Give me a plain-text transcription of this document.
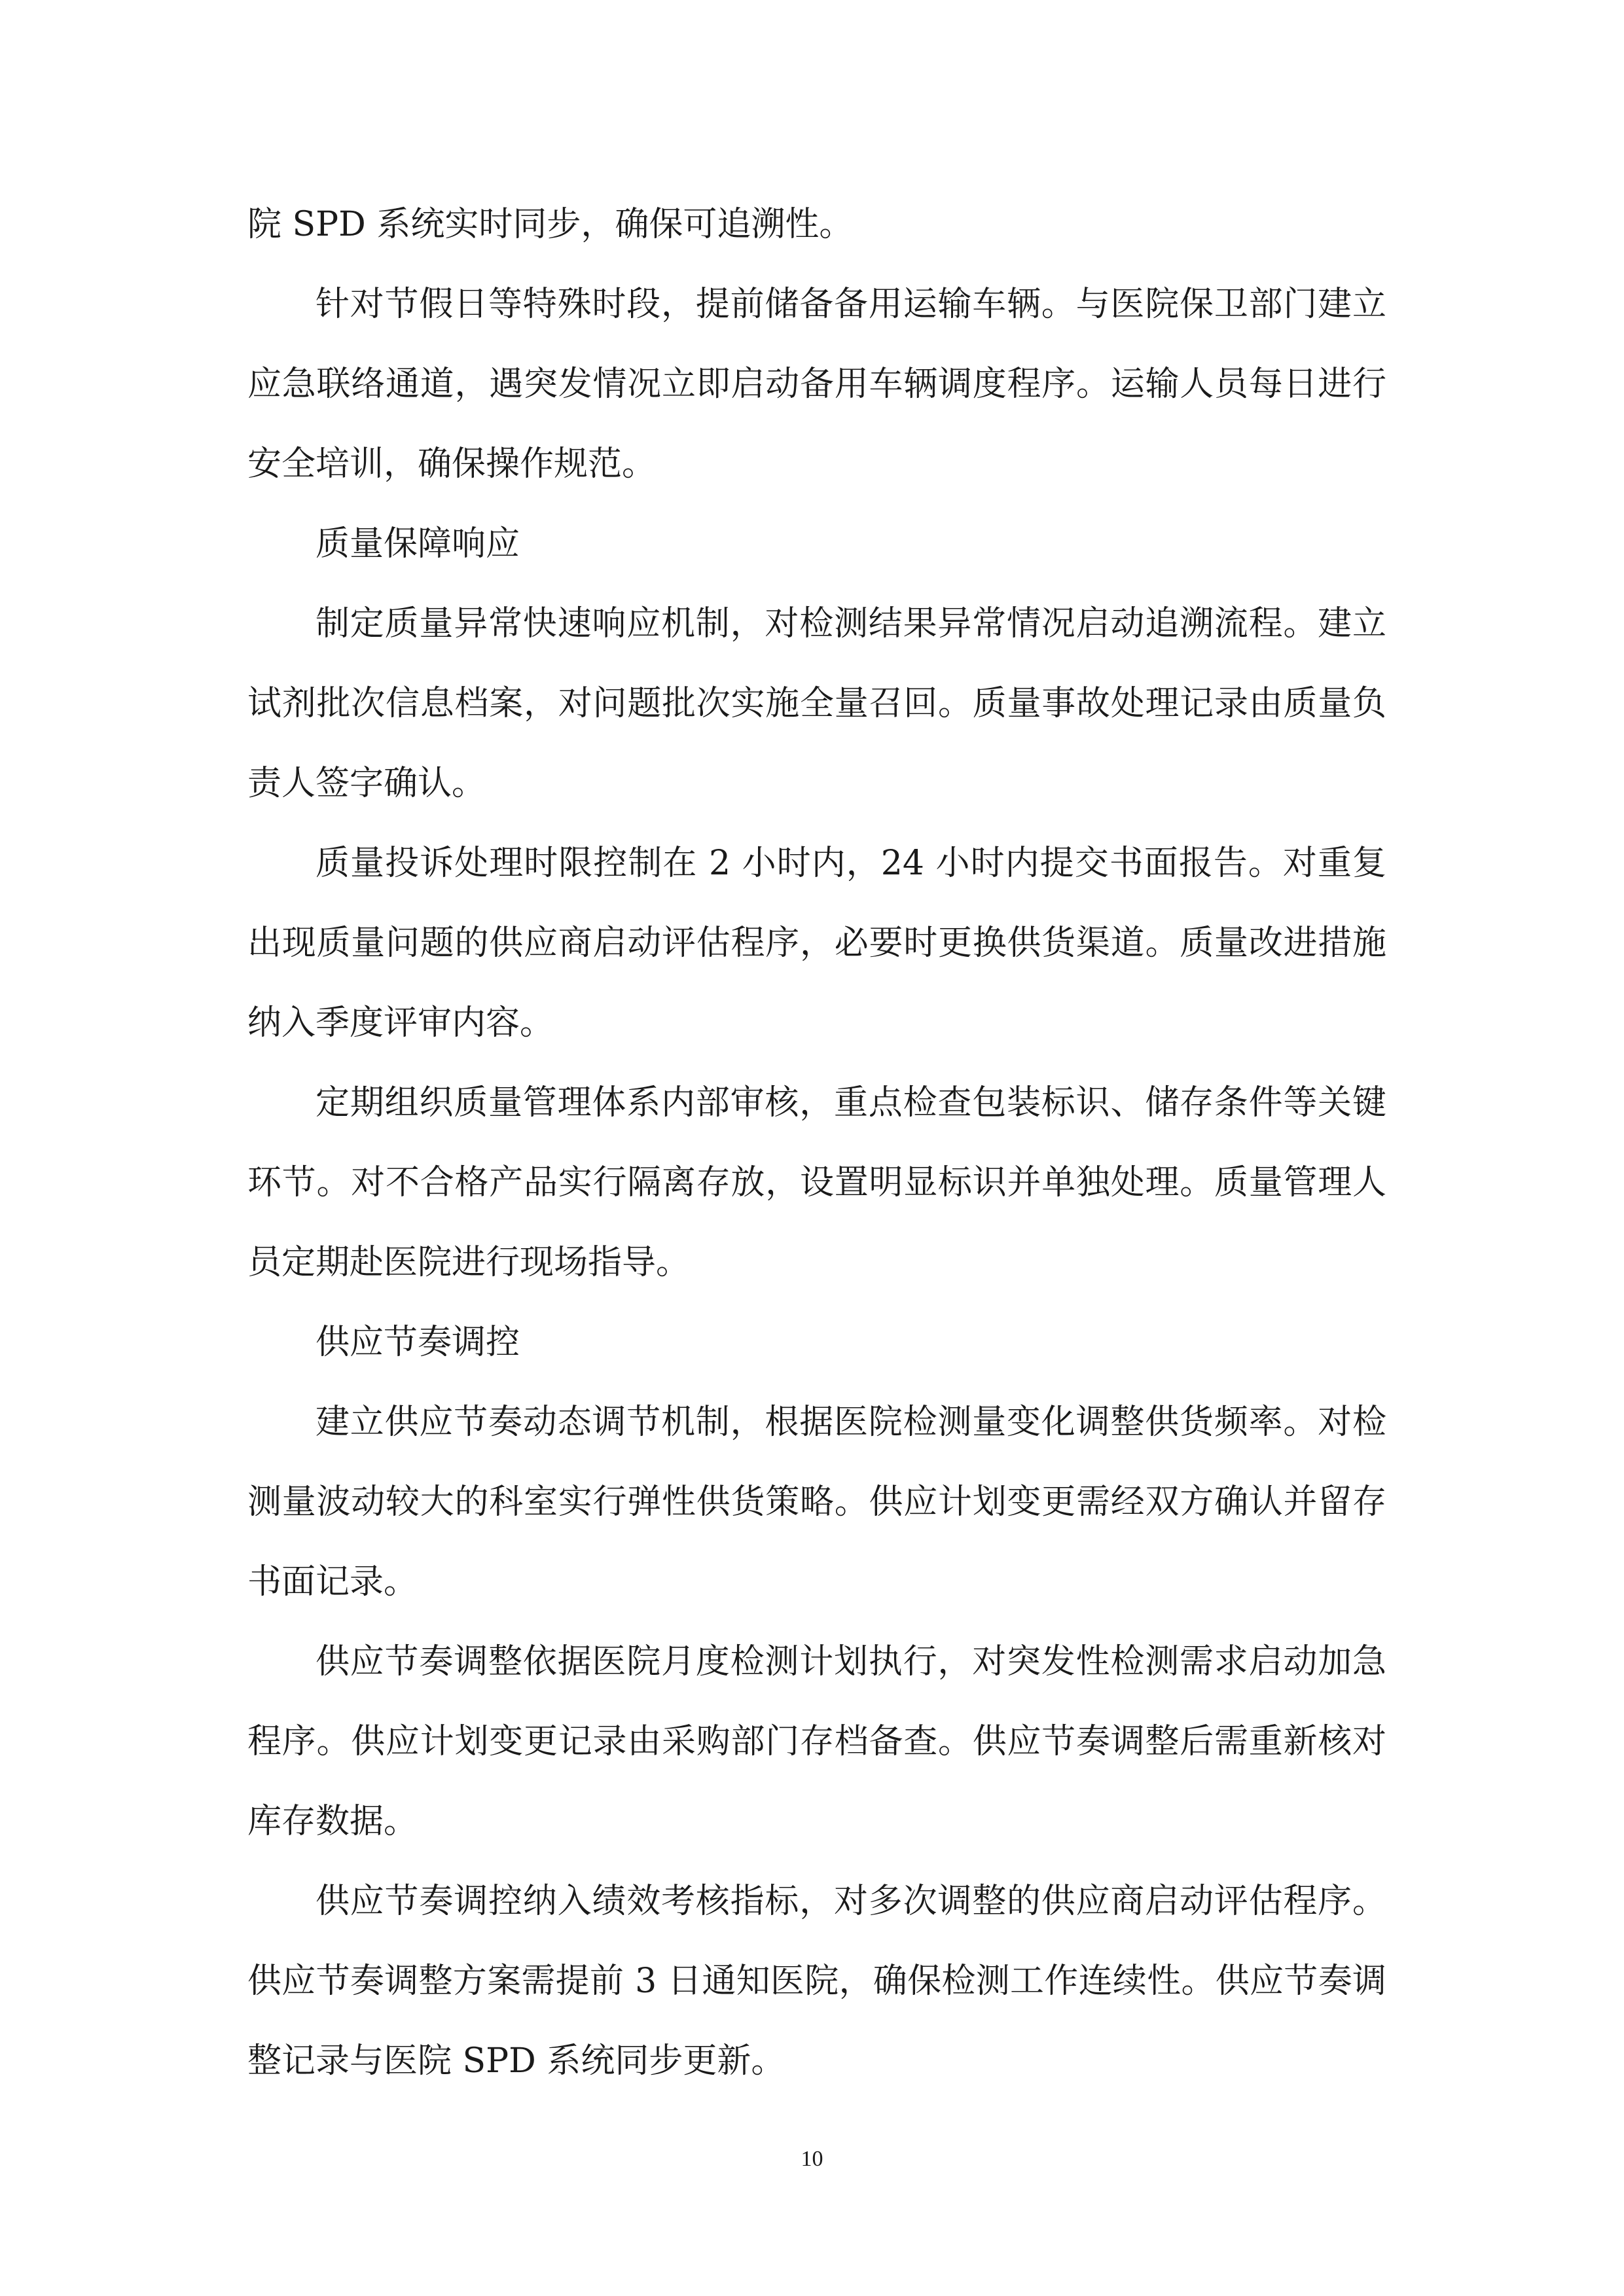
院 SPD 系统实时同步，确保可追溯性。

针对节假日等特殊时段，提前储备备用运输车辆。与医院保卫部门建立应急联络通道，遇突发情况立即启动备用车辆调度程序。运输人员每日进行安全培训，确保操作规范。

质量保障响应

制定质量异常快速响应机制，对检测结果异常情况启动追溯流程。建立试剂批次信息档案，对问题批次实施全量召回。质量事故处理记录由质量负责人签字确认。

质量投诉处理时限控制在 2 小时内，24 小时内提交书面报告。对重复出现质量问题的供应商启动评估程序，必要时更换供货渠道。质量改进措施纳入季度评审内容。

定期组织质量管理体系内部审核，重点检查包装标识、储存条件等关键环节。对不合格产品实行隔离存放，设置明显标识并单独处理。质量管理人员定期赴医院进行现场指导。

供应节奏调控

建立供应节奏动态调节机制，根据医院检测量变化调整供货频率。对检测量波动较大的科室实行弹性供货策略。供应计划变更需经双方确认并留存书面记录。

供应节奏调整依据医院月度检测计划执行，对突发性检测需求启动加急程序。供应计划变更记录由采购部门存档备查。供应节奏调整后需重新核对库存数据。

供应节奏调控纳入绩效考核指标，对多次调整的供应商启动评估程序。供应节奏调整方案需提前 3 日通知医院，确保检测工作连续性。供应节奏调整记录与医院 SPD 系统同步更新。

10
